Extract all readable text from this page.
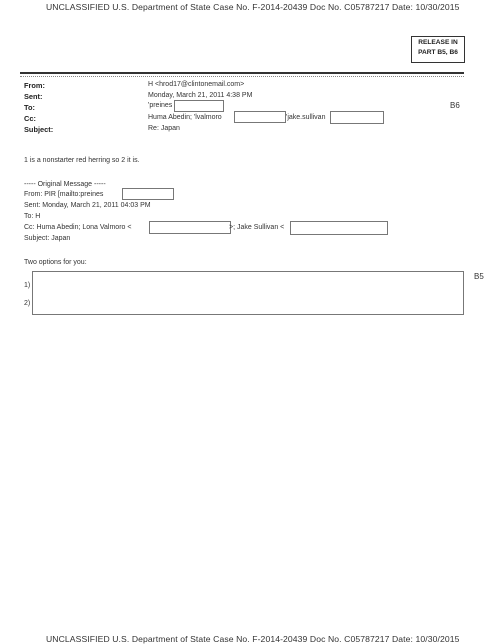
UNCLASSIFIED U.S. Department of State Case No. F-2014-20439 Doc No. C05787217 Date: 10/30/2015
RELEASE IN
PART B5, B6
From:	H <hrod17@clintonemail.com>
Sent:	Monday, March 21, 2011 4:38 PM
To:	'preines	B6
Cc:	Huma Abedin; 'lvalmoro	'jake.sullivan
Subject:	Re: Japan
1 is a nonstarter red herring so 2 it is.
----- Original Message -----
From: PIR [mailto:preines
Sent: Monday, March 21, 2011 04:03 PM
To: H
Cc: Huma Abedin; Lona Valmoro <	>; Jake Sullivan <
Subject: Japan
Two options for you:
1)
2)
B5
UNCLASSIFIED U.S. Department of State Case No. F-2014-20439 Doc No. C05787217 Date: 10/30/2015
